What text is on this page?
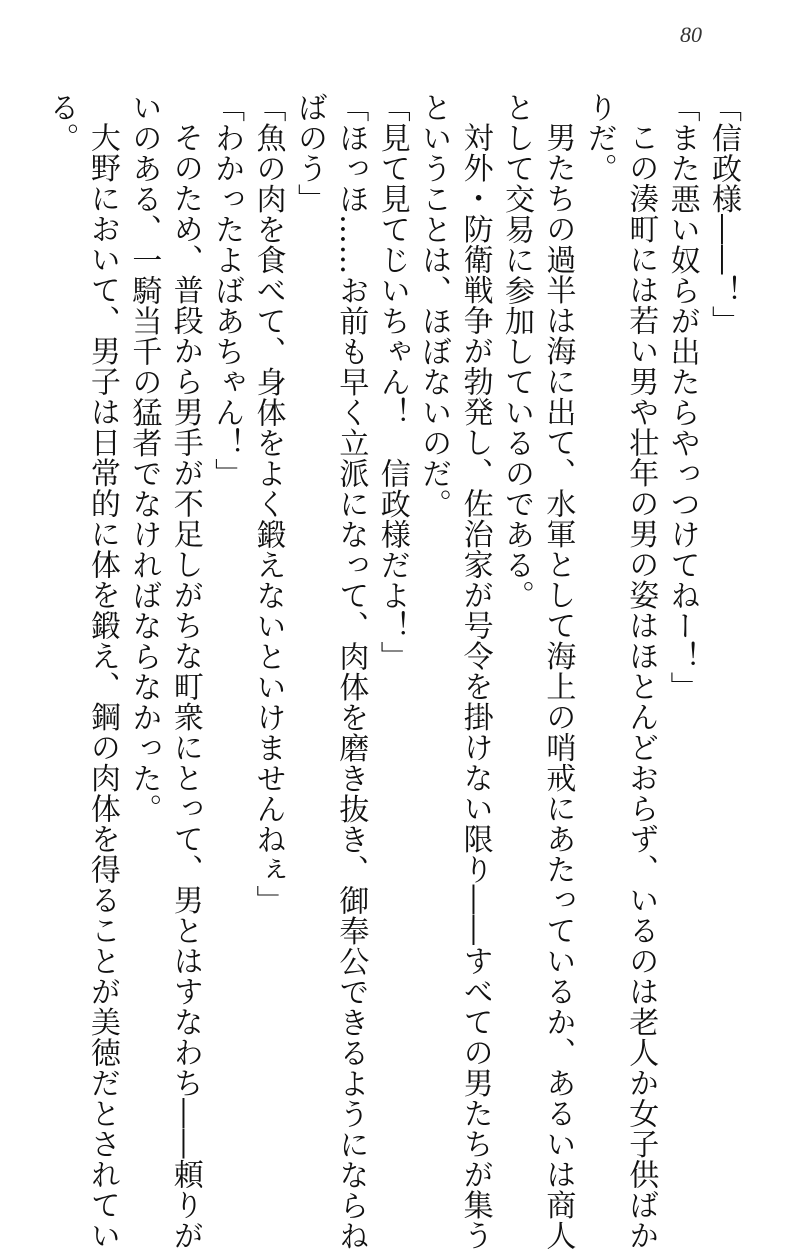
80

「信政様――！」

「また悪い奴らが出たらやっつけてねー！」

この湊町には若い男や壮年の男の姿はほとんどおらず、いるのは老人か女子供ばか

りだ。

男たちの過半は海に出て、水軍として海上の哨戒にあたっているか、あるいは商人

として交易に参加しているのである。

対外・防衛戦争が勃発し、佐治家が号令を掛けない限り――すべての男たちが集う

ということは、ほぼないのだ。

「見て見てじいちゃん！　信政様だよ！」

「ほっほ……お前も早く立派になって、肉体を磨き抜き、御奉公できるようにならね

ばのう」

「魚の肉を食べて、身体をよく鍛えないといけませんねぇ」

「わかったよばあちゃん！」

そのため、普段から男手が不足しがちな町衆にとって、男とはすなわち――頼りが

いのある、一騎当千の猛者でなければならなかった。

大野において、男子は日常的に体を鍛え、鋼の肉体を得ることが美徳だとされてい

る。
